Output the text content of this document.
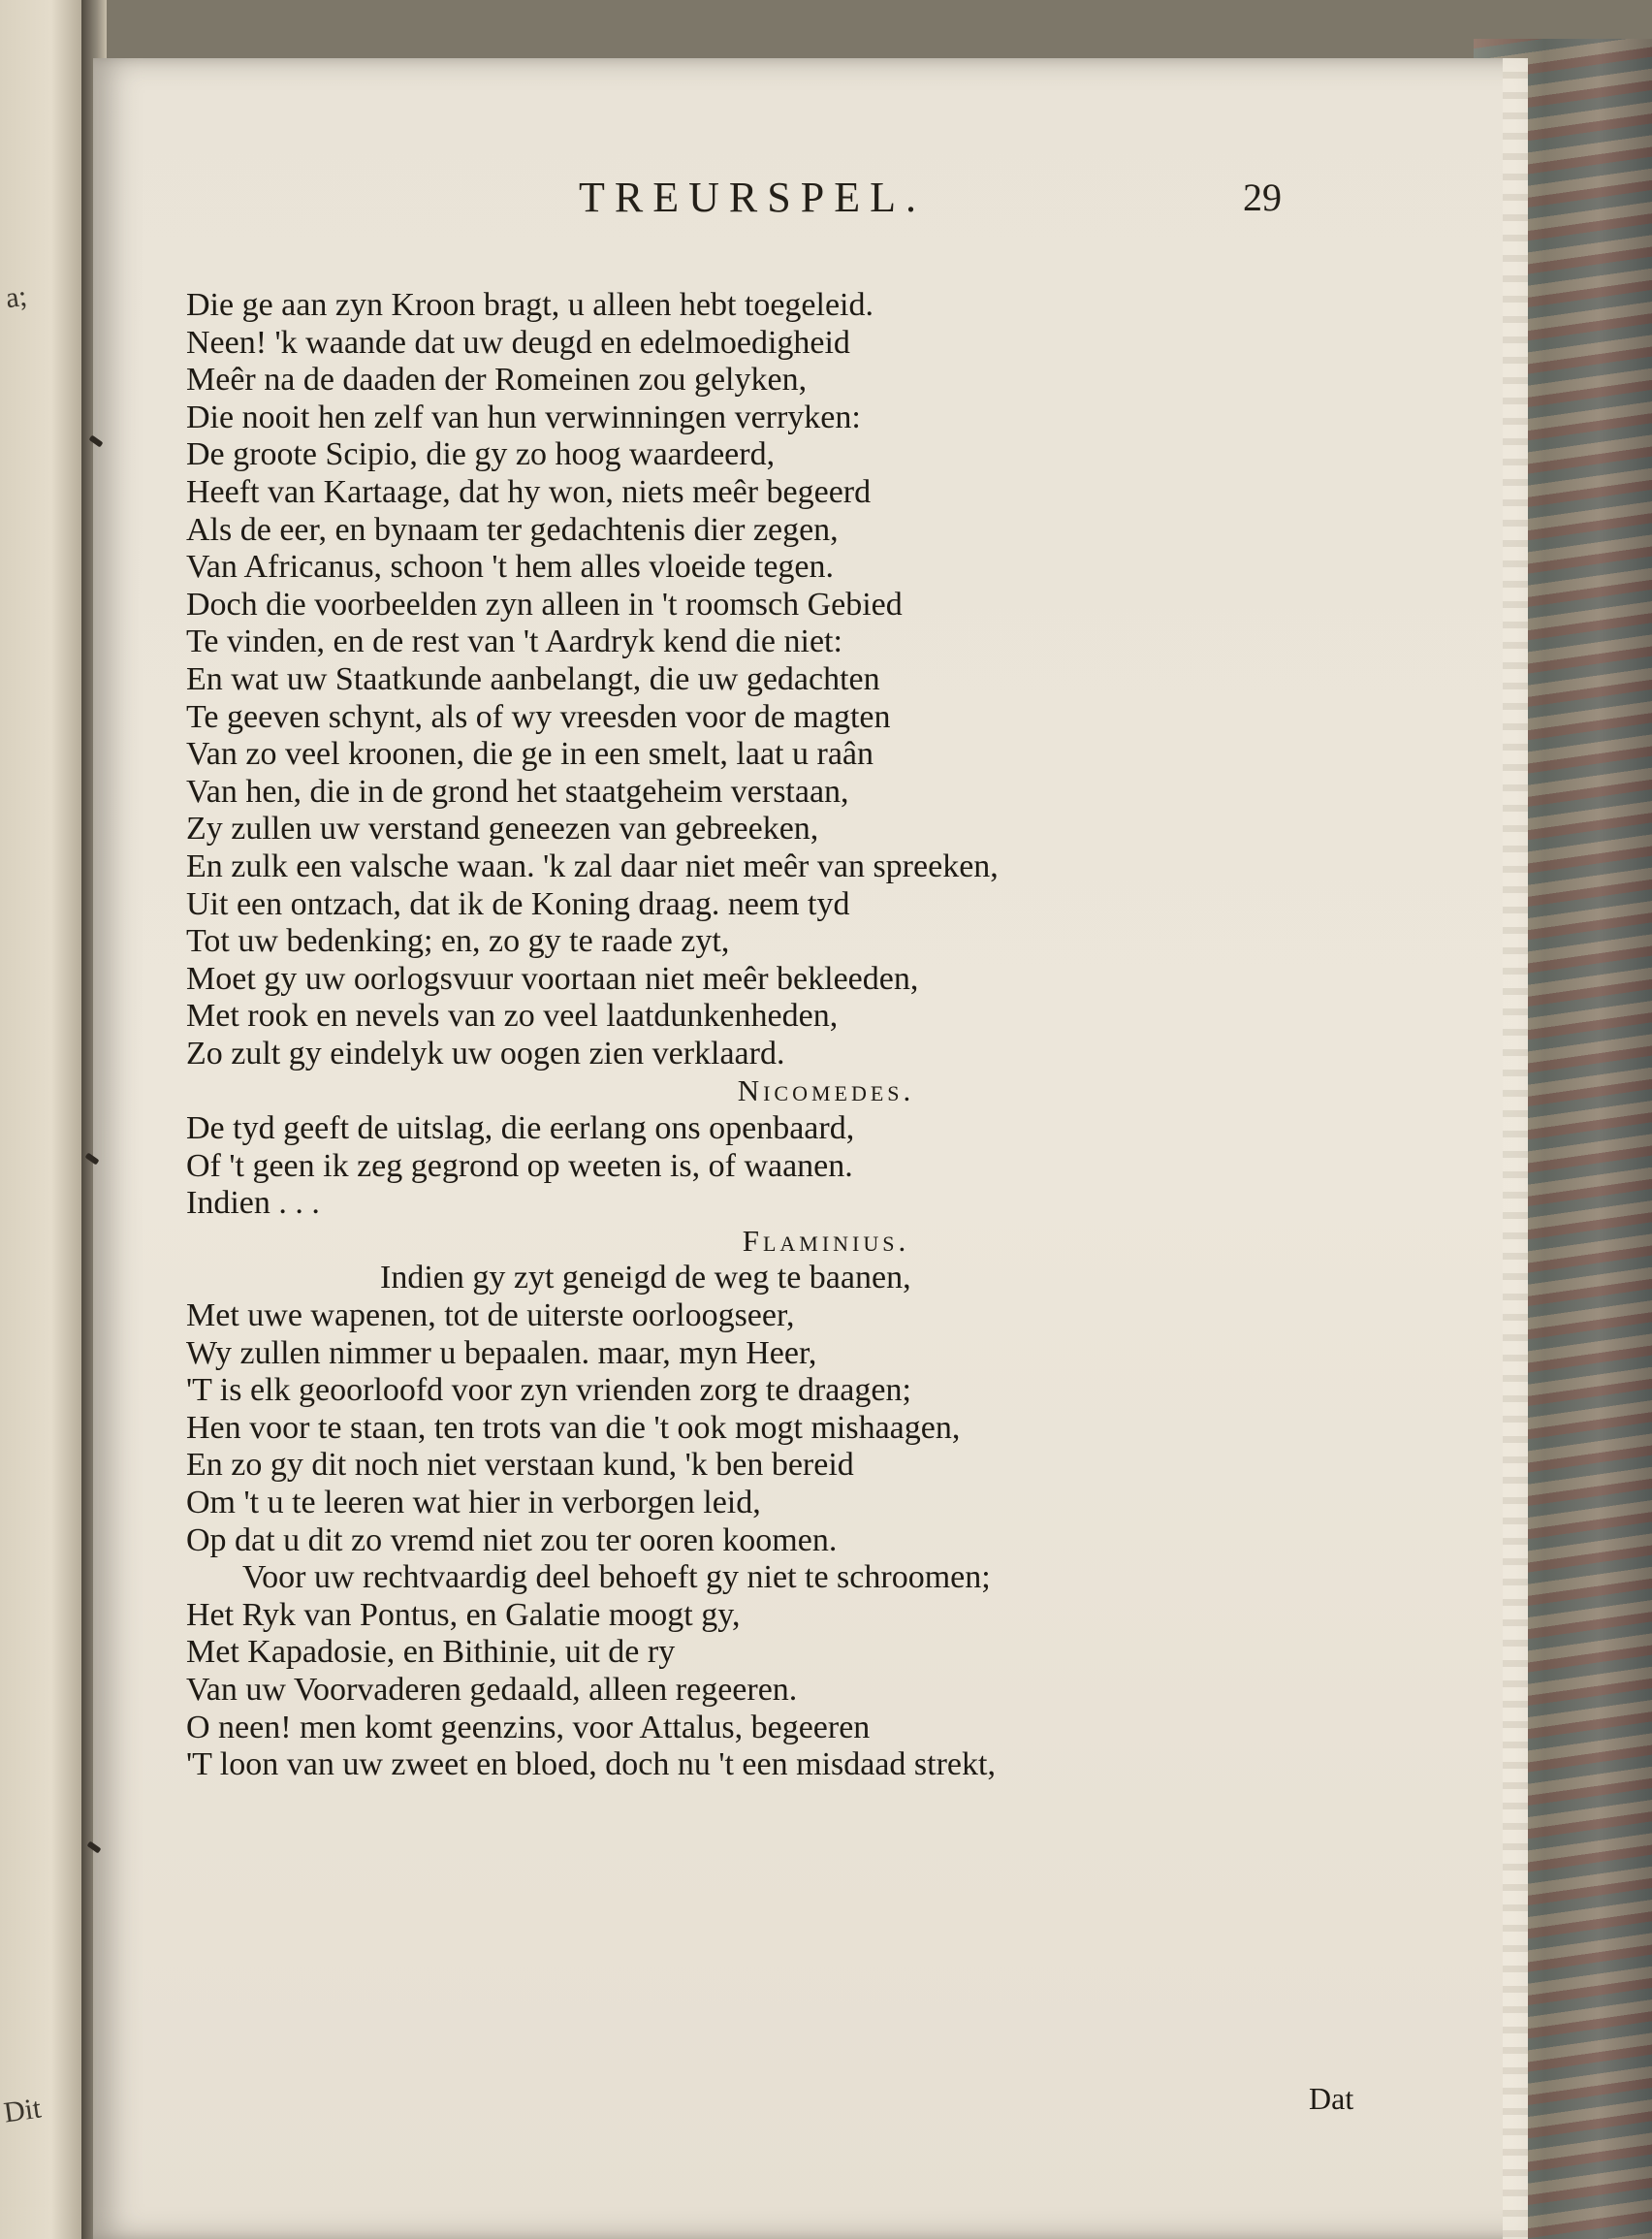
a;
Dit
TREURSPEL.	29
Die ge aan zyn Kroon bragt, u alleen hebt toegeleid.
Neen! 'k waande dat uw deugd en edelmoedigheid
Meêr na de daaden der Romeinen zou gelyken,
Die nooit hen zelf van hun verwinningen verryken:
De groote Scipio, die gy zo hoog waardeerd,
Heeft van Kartaage, dat hy won, niets meêr begeerd
Als de eer, en bynaam ter gedachtenis dier zegen,
Van Africanus, schoon 't hem alles vloeide tegen.
Doch die voorbeelden zyn alleen in 't roomsch Gebied
Te vinden, en de rest van 't Aardryk kend die niet:
En wat uw Staatkunde aanbelangt, die uw gedachten
Te geeven schynt, als of wy vreesden voor de magten
Van zo veel kroonen, die ge in een smelt, laat u raân
Van hen, die in de grond het staatgeheim verstaan,
Zy zullen uw verstand geneezen van gebreeken,
En zulk een valsche waan. 'k zal daar niet meêr van spreeken,
Uit een ontzach, dat ik de Koning draag. neem tyd
Tot uw bedenking; en, zo gy te raade zyt,
Moet gy uw oorlogsvuur voortaan niet meêr bekleeden,
Met rook en nevels van zo veel laatdunkenheden,
Zo zult gy eindelyk uw oogen zien verklaard.
Nicomedes.
De tyd geeft de uitslag, die eerlang ons openbaard,
Of 't geen ik zeg gegrond op weeten is, of waanen.
Indien . . .
Flaminius.
Indien gy zyt geneigd de weg te baanen,
Met uwe wapenen, tot de uiterste oorloogseer,
Wy zullen nimmer u bepaalen. maar, myn Heer,
'T is elk geoorloofd voor zyn vrienden zorg te draagen;
Hen voor te staan, ten trots van die 't ook mogt mishaagen,
En zo gy dit noch niet verstaan kund, 'k ben bereid
Om 't u te leeren wat hier in verborgen leid,
Op dat u dit zo vremd niet zou ter ooren koomen.
Voor uw rechtvaardig deel behoeft gy niet te schroomen;
Het Ryk van Pontus, en Galatie moogt gy,
Met Kapadosie, en Bithinie, uit de ry
Van uw Voorvaderen gedaald, alleen regeeren.
O neen! men komt geenzins, voor Attalus, begeeren
'T loon van uw zweet en bloed, doch nu 't een misdaad strekt,
Dat
